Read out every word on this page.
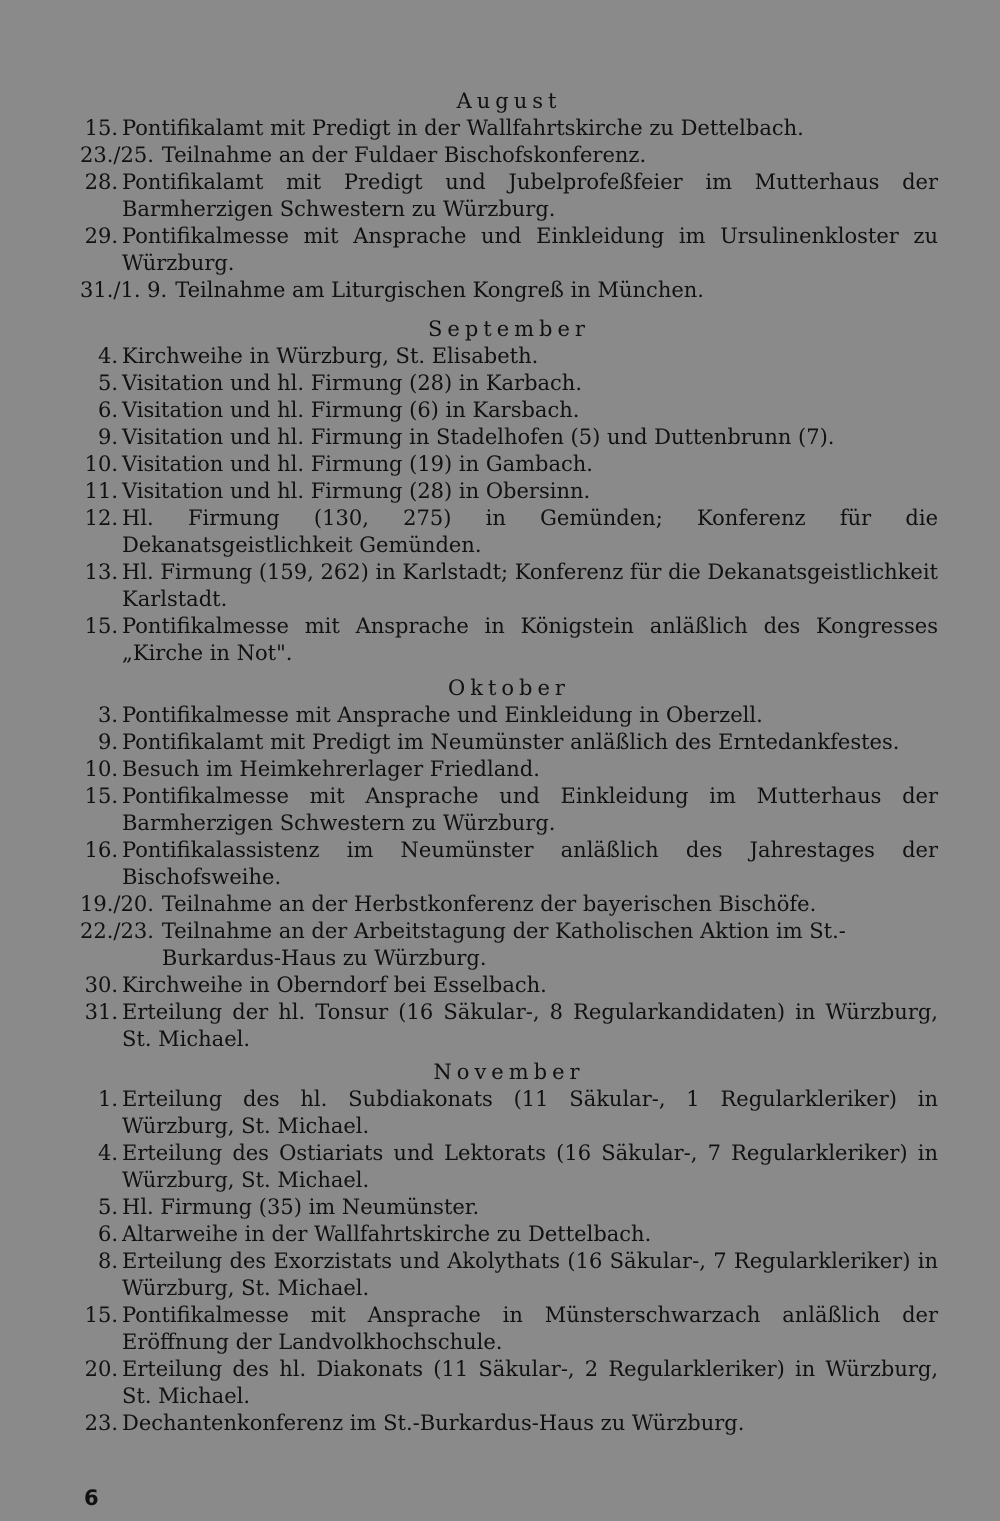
August
15. Pontifikalamt mit Predigt in der Wallfahrtskirche zu Dettelbach.
23./25. Teilnahme an der Fuldaer Bischofskonferenz.
28. Pontifikalamt mit Predigt und Jubelprofeßfeier im Mutterhaus der Barmherzigen Schwestern zu Würzburg.
29. Pontifikalmesse mit Ansprache und Einkleidung im Ursulinenkloster zu Würzburg.
31./1. 9. Teilnahme am Liturgischen Kongreß in München.
September
4. Kirchweihe in Würzburg, St. Elisabeth.
5. Visitation und hl. Firmung (28) in Karbach.
6. Visitation und hl. Firmung (6) in Karsbach.
9. Visitation und hl. Firmung in Stadelhofen (5) und Duttenbrunn (7).
10. Visitation und hl. Firmung (19) in Gambach.
11. Visitation und hl. Firmung (28) in Obersinn.
12. Hl. Firmung (130, 275) in Gemünden; Konferenz für die Dekanatsgeistlichkeit Gemünden.
13. Hl. Firmung (159, 262) in Karlstadt; Konferenz für die Dekanatsgeistlichkeit Karlstadt.
15. Pontifikalmesse mit Ansprache in Königstein anläßlich des Kongresses „Kirche in Not".
Oktober
3. Pontifikalmesse mit Ansprache und Einkleidung in Oberzell.
9. Pontifikalamt mit Predigt im Neumünster anläßlich des Erntedankfestes.
10. Besuch im Heimkehrerlager Friedland.
15. Pontifikalmesse mit Ansprache und Einkleidung im Mutterhaus der Barmherzigen Schwestern zu Würzburg.
16. Pontifikalassistenz im Neumünster anläßlich des Jahrestages der Bischofsweihe.
19./20. Teilnahme an der Herbstkonferenz der bayerischen Bischöfe.
22./23. Teilnahme an der Arbeitstagung der Katholischen Aktion im St.-Burkardus-Haus zu Würzburg.
30. Kirchweihe in Oberndorf bei Esselbach.
31. Erteilung der hl. Tonsur (16 Säkular-, 8 Regularkandidaten) in Würzburg, St. Michael.
November
1. Erteilung des hl. Subdiakonats (11 Säkular-, 1 Regularkleriker) in Würzburg, St. Michael.
4. Erteilung des Ostiariats und Lektorats (16 Säkular-, 7 Regularkleriker) in Würzburg, St. Michael.
5. Hl. Firmung (35) im Neumünster.
6. Altarweihe in der Wallfahrtskirche zu Dettelbach.
8. Erteilung des Exorzistats und Akolythats (16 Säkular-, 7 Regularkleriker) in Würzburg, St. Michael.
15. Pontifikalmesse mit Ansprache in Münsterschwarzach anläßlich der Eröffnung der Landvolkhochschule.
20. Erteilung des hl. Diakonats (11 Säkular-, 2 Regularkleriker) in Würzburg, St. Michael.
23. Dechantenkonferenz im St.-Burkardus-Haus zu Würzburg.
6
